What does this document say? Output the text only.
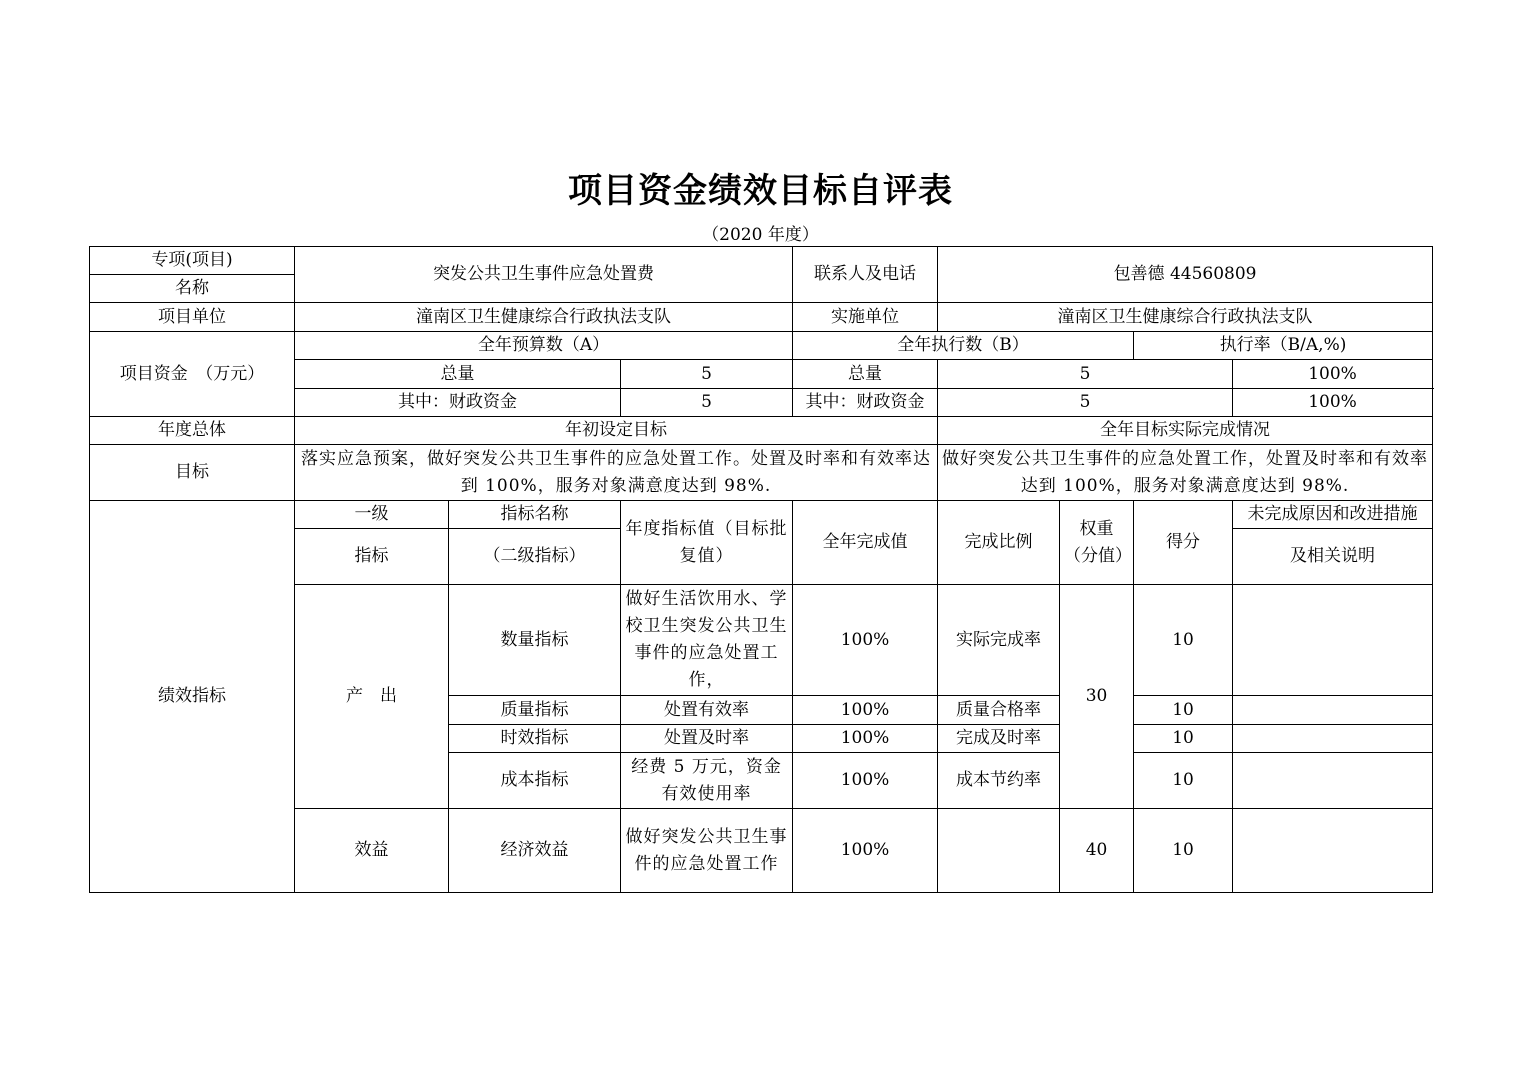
项目资金绩效目标自评表
（2020 年度）
专项(项目)	突发公共卫生事件应急处置费			联系人及电话	包善德 44560809			
名称								
项目单位	潼南区卫生健康综合行政执法支队			实施单位	潼南区卫生健康综合行政执法支队			
项目资金　（万元）	全年预算数（A）			全年执行数（B）			执行率（B/A,%)	
	总量		5	总量	5			100%
	其中：财政资金		5	其中：财政资金	5			100%
年度总体	年初设定目标				全年目标实际完成情况			
目标	落实应急预案，做好突发公共卫生事件的应急处置工作。处置及时率和有效率达到 100%，服务对象满意度达到 98%.				做好突发公共卫生事件的应急处置工作，处置及时率和有效率达到 100%，服务对象满意度达到 98%.			
绩效指标	一级	指标名称	年度指标值（目标批复值）	全年完成值	完成比例	权重（分值）	得分	未完成原因和改进措施
	指标	（二级指标）						及相关说明
	产　出	数量指标	做好生活饮用水、学校卫生突发公共卫生事件的应急处置工作，	100%	实际完成率	30	10	
		质量指标	处置有效率	100%	质量合格率		10	
		时效指标	处置及时率	100%	完成及时率		10	
		成本指标	经费 5 万元，资金有效使用率	100%	成本节约率		10	
	效益	经济效益	做好突发公共卫生事件的应急处置工作	100%		40	10	
